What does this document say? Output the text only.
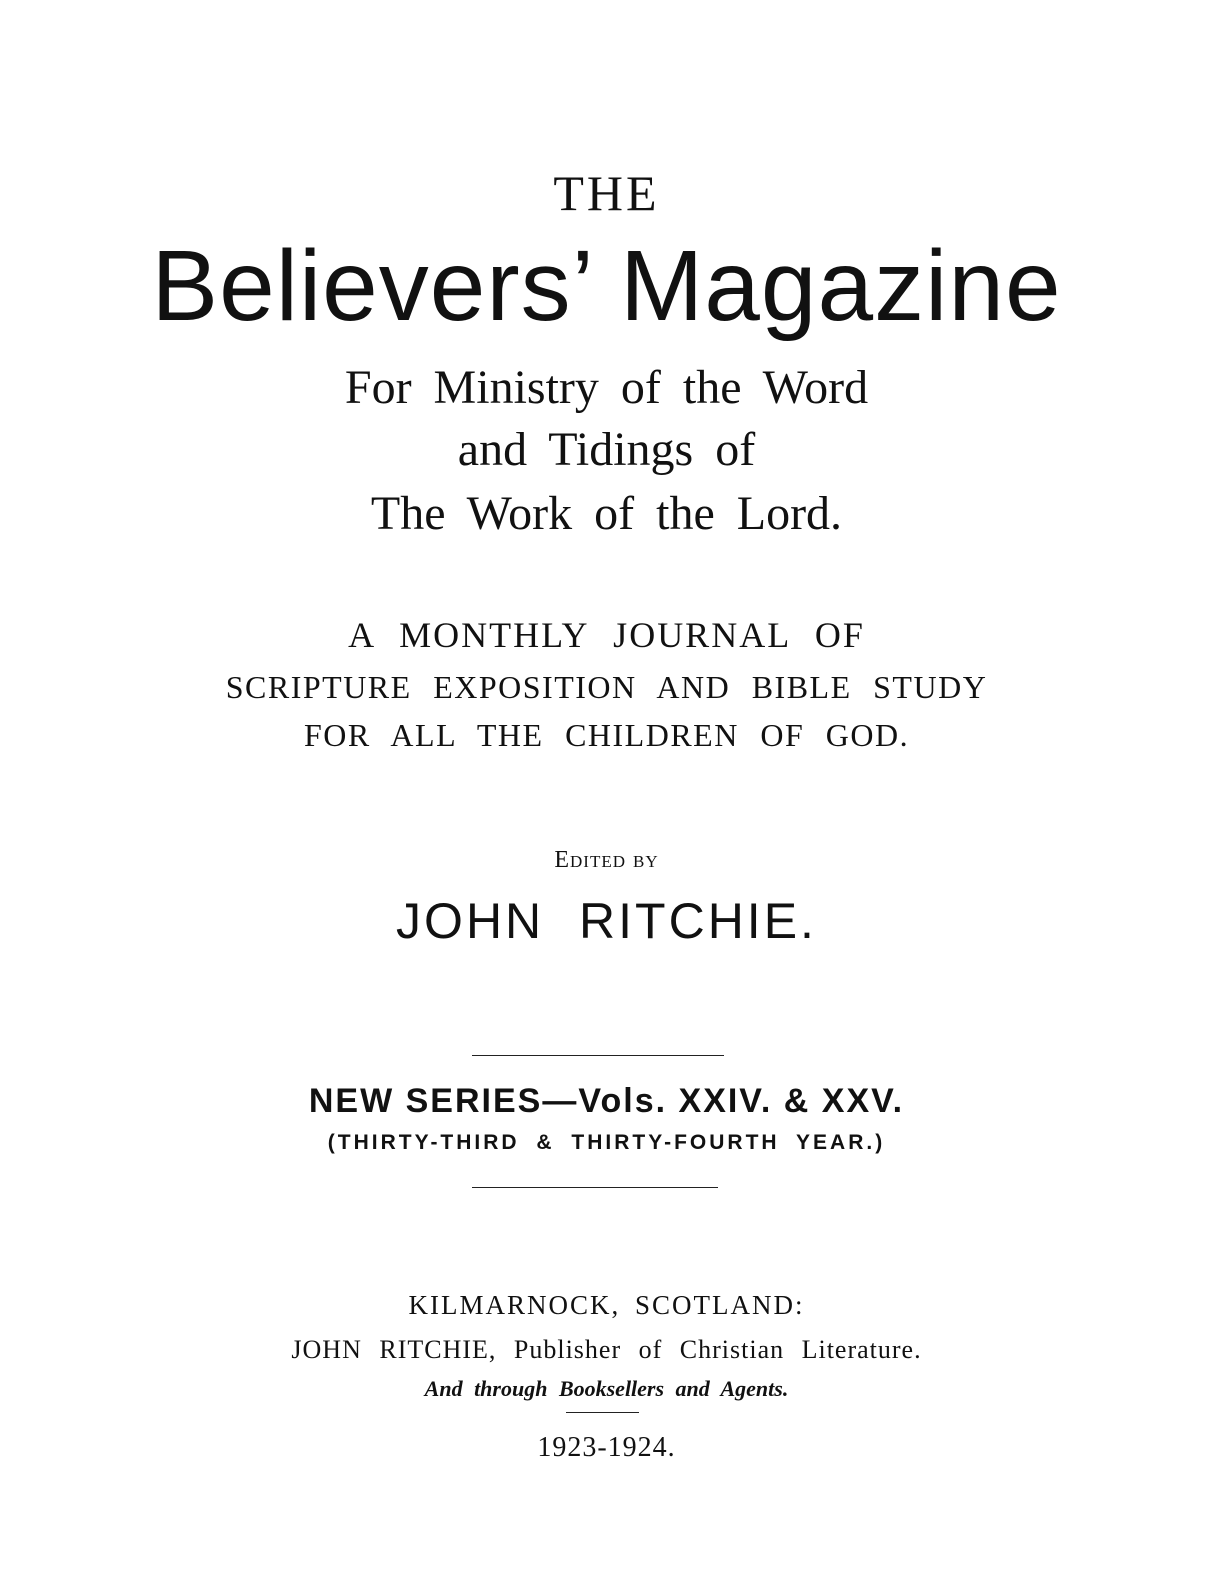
THE
Believers’ Magazine
For Ministry of the Word
and Tidings of
The Work of the Lord.
A MONTHLY JOURNAL OF
SCRIPTURE EXPOSITION AND BIBLE STUDY
FOR ALL THE CHILDREN OF GOD.
Edited by
JOHN RITCHIE.
NEW SERIES—Vols. XXIV. & XXV.
(THIRTY-THIRD & THIRTY-FOURTH YEAR.)
KILMARNOCK, SCOTLAND:
JOHN RITCHIE, Publisher of Christian Literature.
And through Booksellers and Agents.
1923-1924.
